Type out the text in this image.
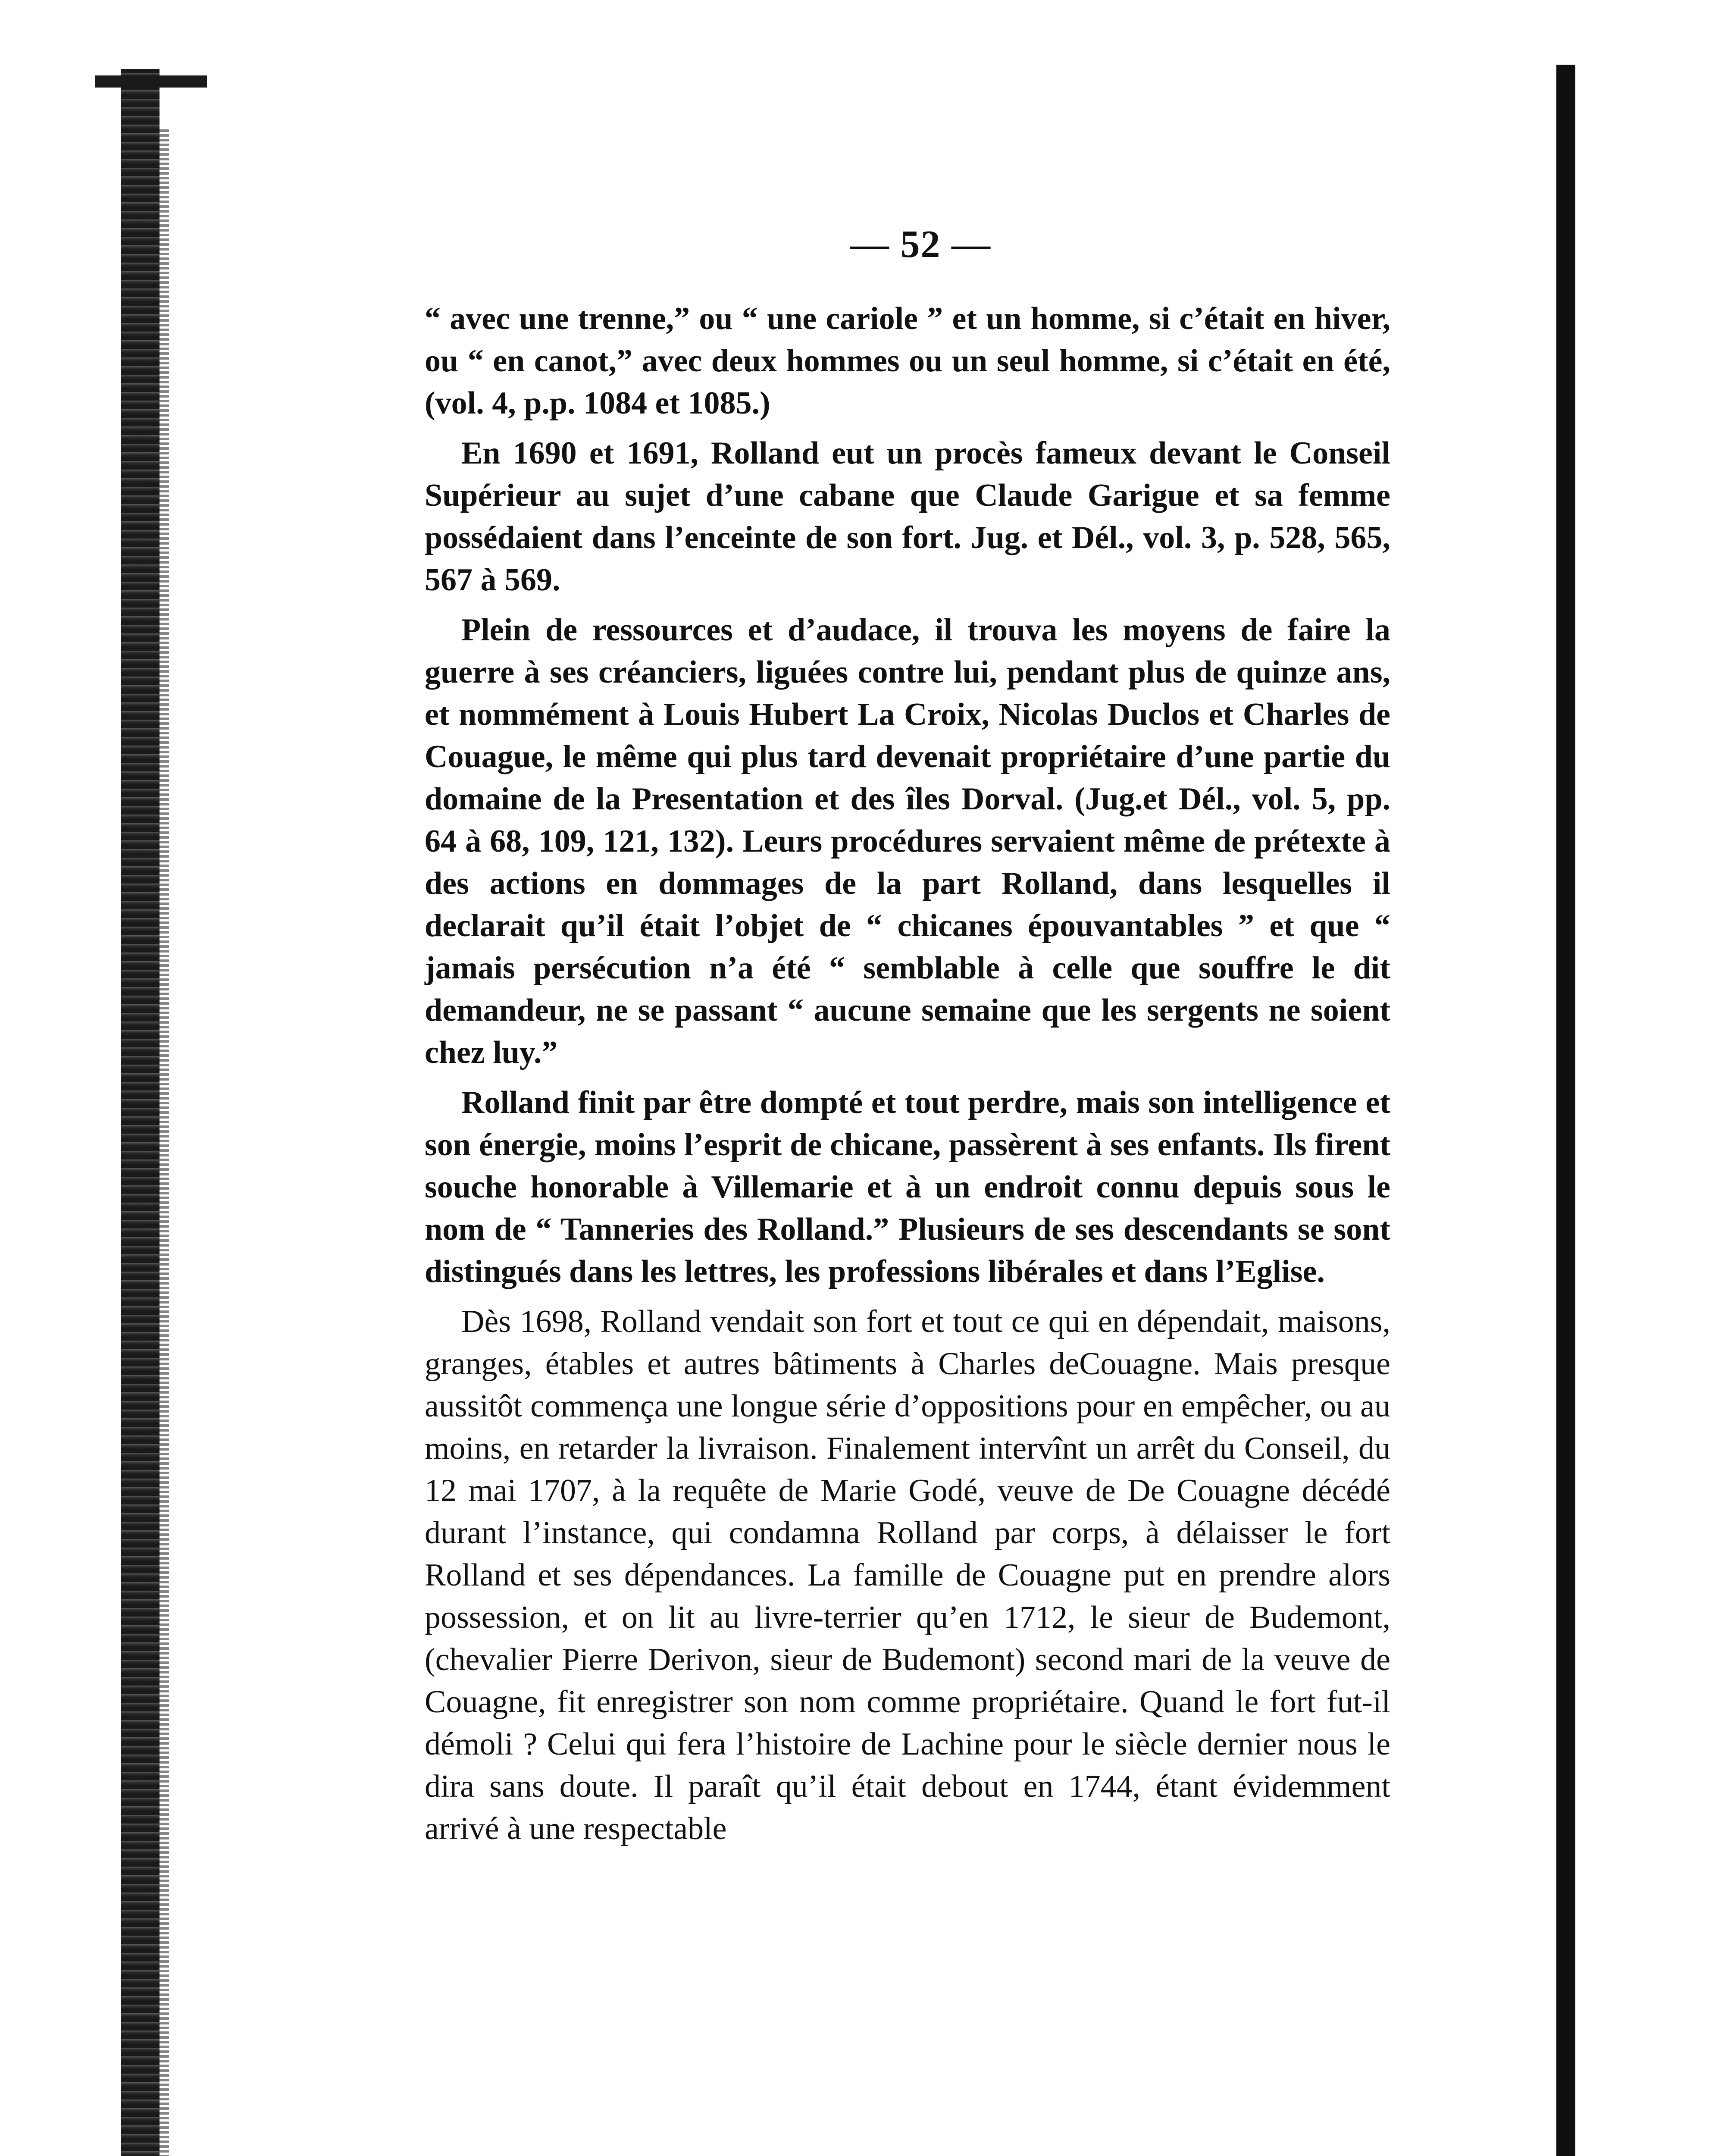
— 52 —

“ avec une trenne,” ou “ une cariole ” et un homme, si c’était en hiver, ou “ en canot,” avec deux hommes ou un seul homme, si c’était en été, (vol. 4, p.p. 1084 et 1085.)

En 1690 et 1691, Rolland eut un procès fameux devant le Conseil Supérieur au sujet d’une cabane que Claude Garigue et sa femme possédaient dans l’enceinte de son fort. Jug. et Dél., vol. 3, p. 528, 565, 567 à 569.

Plein de ressources et d’audace, il trouva les moyens de faire la guerre à ses créanciers, liguées contre lui, pendant plus de quinze ans, et nommément à Louis Hubert La Croix, Nicolas Duclos et Charles de Couague, le même qui plus tard devenait propriétaire d’une partie du domaine de la Presentation et des îles Dorval. (Jug.et Dél., vol. 5, pp. 64 à 68, 109, 121, 132). Leurs procédures servaient même de prétexte à des actions en dommages de la part Rolland, dans lesquelles il declarait qu’il était l’objet de “ chicanes épouvantables ” et que “ jamais persécution n’a été “ semblable à celle que souffre le dit demandeur, ne se passant “ aucune semaine que les sergents ne soient chez luy.”

Rolland finit par être dompté et tout perdre, mais son intelligence et son énergie, moins l’esprit de chicane, passèrent à ses enfants. Ils firent souche honorable à Villemarie et à un endroit connu depuis sous le nom de “ Tanneries des Rolland.” Plusieurs de ses descendants se sont distingués dans les lettres, les professions libérales et dans l’Eglise.

Dès 1698, Rolland vendait son fort et tout ce qui en dépendait, maisons, granges, étables et autres bâtiments à Charles deCouagne. Mais presque aussitôt commença une longue série d’oppositions pour en empêcher, ou au moins, en retarder la livraison. Finalement intervînt un arrêt du Conseil, du 12 mai 1707, à la requête de Marie Godé, veuve de De Couagne décédé durant l’instance, qui condamna Rolland par corps, à délaisser le fort Rolland et ses dépendances. La famille de Couagne put en prendre alors possession, et on lit au livre-terrier qu’en 1712, le sieur de Budemont, (chevalier Pierre Derivon, sieur de Budemont) second mari de la veuve de Couagne, fit enregistrer son nom comme propriétaire. Quand le fort fut-il démoli ? Celui qui fera l’histoire de Lachine pour le siècle dernier nous le dira sans doute. Il paraît qu’il était debout en 1744, étant évidemment arrivé à une respectable
